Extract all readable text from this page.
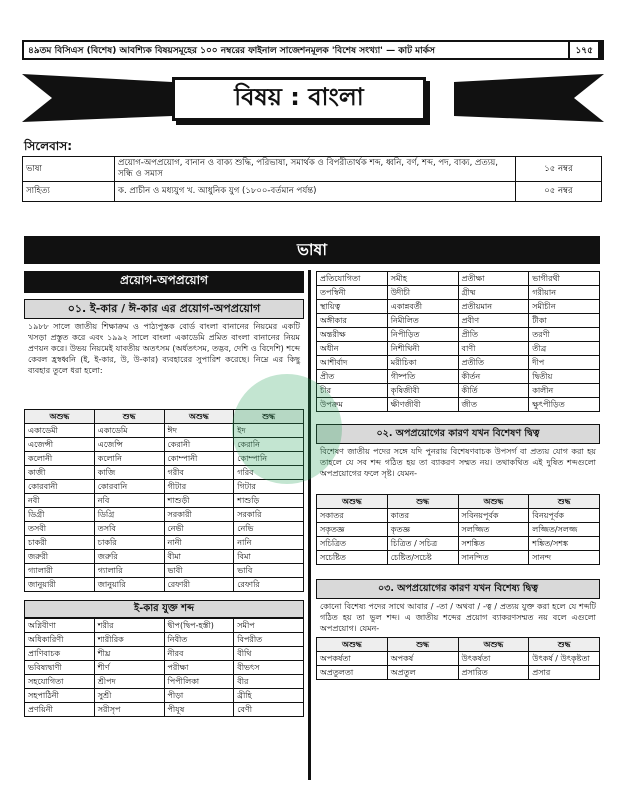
৪৯তম বিসিএস (বিশেষ) আবশ্যিক বিষয়সমূহের ১০০ নম্বরের ফাইনাল সাজেশনমূলক 'বিশেষ সংখ্যা' — কাট মার্কস	১৭৫
বিষয় : বাংলা
সিলেবাস:
ভাষা	প্রয়োগ-অপপ্রয়োগ, বানান ও বাক্য শুদ্ধি, পরিভাষা, সমার্থক ও বিপরীতার্থক শব্দ, ধ্বনি, বর্ণ, শব্দ, পদ, বাক্য, প্রত্যয়, সন্ধি ও সমাস	১৫ নম্বর
সাহিত্য	ক. প্রাচীন ও মধ্যযুগ খ. আধুনিক যুগ (১৮০০-বর্তমান পর্যন্ত)	০৫ নম্বর
ভাষা
প্রয়োগ-অপপ্রয়োগ
০১. ই-কার / ঈ-কার এর প্রয়োগ-অপপ্রয়োগ
১৯৮৮ সালে জাতীয় শিক্ষাক্রম ও পাঠ্যপুস্তক বোর্ড বাংলা বানানের নিয়মের একটি খসড়া প্রস্তুত করে এবং ১৯৯২ সালে বাংলা একাডেমি প্রমিত বাংলা বানানের নিয়ম প্রণয়ন করে। উভয় নিয়মেই যাবতীয় অতৎসম (অর্ধতৎসম, তদ্ভব, দেশি ও বিদেশি) শব্দে কেবল হ্রস্বধ্বনি (ই, ই-কার, উ, উ-কার) ব্যবহারের সুপারিশ করেছে। নিম্নে এর কিছু ব্যবহার তুলে ধরা হলো:
অশুদ্ধ	শুদ্ধ	অশুদ্ধ	শুদ্ধ
একাডেমী	একাডেমি	ঈদ	ইদ
এজেন্সী	এজেন্সি	কেরানী	কেরানি
কলোনী	কলোনি	কোম্পানী	কোম্পানি
কাজী	কাজি	গরীব	গরিব
কোরবানী	কোরবানি	গীটার	গিটার
নবী	নবি	শাশুড়ী	শাশুড়ি
ডিগ্রী	ডিগ্রি	সরকারী	সরকারি
তসবী	তসবি	নেভী	নেভি
চাকরী	চাকরি	নানী	নানি
জরুরী	জরুরি	বীমা	বিমা
গ্যালারী	গ্যালারি	ভাবী	ভাবি
জানুয়ারী	জানুয়ারি	রেফারী	রেফারি
ই-কার যুক্ত শব্দ
অগ্নিবীণা	শরীর	দ্বীপ(দ্বিপ-হস্তী)	সমীপ
অধিকারিণী	শারীরিক	নিবীত	বিপরীত
প্রাণিবাচক	শীঘ্র	নীরব	বীথি
ভবিষ্যদ্বাণী	শীর্ণ	পরীক্ষা	বীভৎস
সহযোগিতা	শ্রীপদ	পিপীলিকা	বীর
সহপাঠিনী	সুশ্রী	পীড়া	ব্রীহি
প্রণয়িনী	সরীসৃপ	পীযূষ	বেণী
প্রতিযোগিতা	সমীহ	প্রতীক্ষা	ভাগীরথী
তপস্বিনী	উদীচী	গ্রীষ্ম	গরীয়ান
স্থায়িত্ব	একান্নবর্তী	প্রতীয়মান	সমীচীন
অঙ্গীকার	নিমীলিত	প্রবীণ	টীকা
অন্তরীক্ষ	নিপীড়িত	প্রীতি	তরণী
অধীন	নিশীথিনী	বাণী	তীব্র
আশীর্বাদ	মরীচিকা	প্রতীতি	দীপ
প্রীত	গীষ্পতি	কীর্তন	দ্বিতীয়
চীর	কৃষিজীবী	কীর্তি	কালীন
উপক্রম	ক্ষীণজীবী	জীত	ক্ষুৎপীড়িত
০২. অপপ্রয়োগের কারণ যখন বিশেষণ দ্বিত্ব
বিশেষণ জাতীয় পদের সঙ্গে যদি পুনরায় বিশেষণবাচক উপসর্গ বা প্রত্যয় যোগ করা হয় তাহলে যে সব শব্দ গঠিত হয় তা ব্যাকরণ সম্মত নয়। তথাকথিত এই দুষিত শব্দগুলো অপপ্রয়োগের ফলে সৃষ্ট। যেমন-
অশুদ্ধ	শুদ্ধ	অশুদ্ধ	শুদ্ধ
সকাতর	কাতর	সবিনয়পূর্বক	বিনয়পূর্বক
সকৃতজ্ঞ	কৃতজ্ঞ	সলজ্জিত	লজ্জিত/সলজ্জ
সচিত্রিত	চিত্রিত / সচিত্র	সশঙ্কিত	শঙ্কিত/সশঙ্ক
সচেষ্টিত	চেষ্টিত/সচেষ্ট	সানন্দিত	সানন্দ
০৩. অপপ্রয়োগের কারণ যখন বিশেষ্য দ্বিত্ব
কোনো বিশেষ্য পদের সাথে আবার / -তা / অথবা / -ত্ব / প্রত্যয় যুক্ত করা হলে যে শব্দটি গঠিত হয় তা ভুল শব্দ। এ জাতীয় শব্দের প্রয়োগ ব্যাকরণসম্মত নয় বলে এগুলো অপপ্রয়োগ। যেমন-
অশুদ্ধ	শুদ্ধ	অশুদ্ধ	শুদ্ধ
অপকর্ষতা	অপকর্ষ	উৎকর্ষতা	উৎকর্ষ / উৎকৃষ্টতা
অপ্রতুলতা	অপ্রতুল	প্রসারিত	প্রসার
